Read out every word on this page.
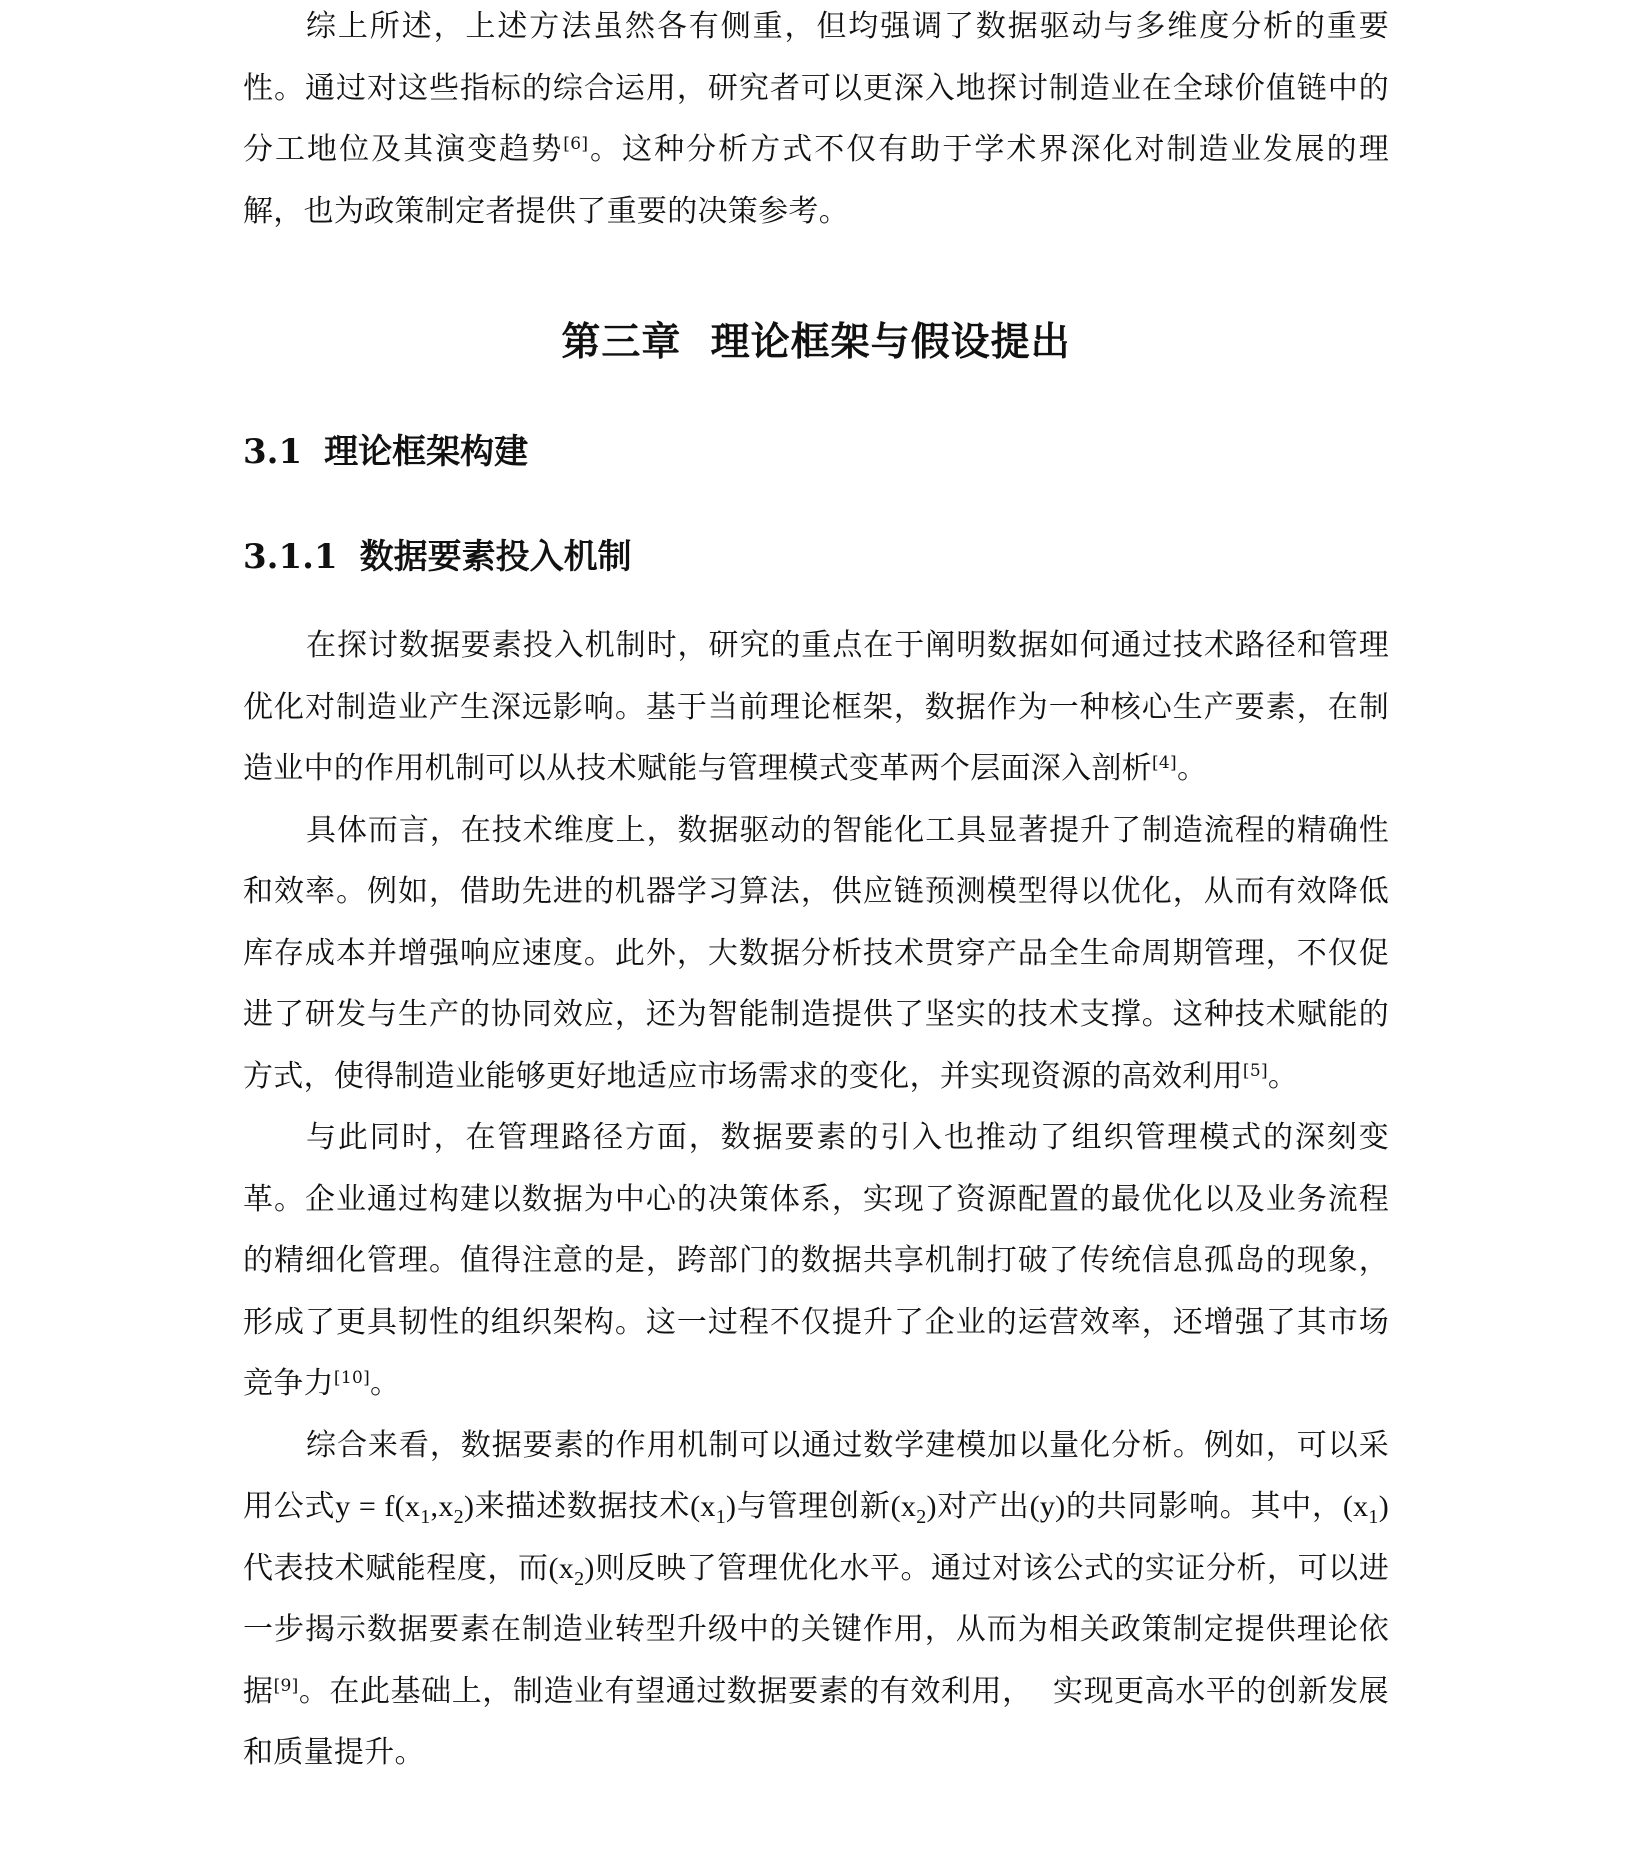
综上所述，上述方法虽然各有侧重，但均强调了数据驱动与多维度分析的重要性。通过对这些指标的综合运用，研究者可以更深入地探讨制造业在全球价值链中的分工地位及其演变趋势[6]。这种分析方式不仅有助于学术界深化对制造业发展的理解，也为政策制定者提供了重要的决策参考。

第三章  理论框架与假设提出
3.1 理论框架构建
3.1.1 数据要素投入机制

在探讨数据要素投入机制时，研究的重点在于阐明数据如何通过技术路径和管理优化对制造业产生深远影响。基于当前理论框架，数据作为一种核心生产要素，在制造业中的作用机制可以从技术赋能与管理模式变革两个层面深入剖析[4]。

具体而言，在技术维度上，数据驱动的智能化工具显著提升了制造流程的精确性和效率。例如，借助先进的机器学习算法，供应链预测模型得以优化，从而有效降低库存成本并增强响应速度。此外，大数据分析技术贯穿产品全生命周期管理，不仅促进了研发与生产的协同效应，还为智能制造提供了坚实的技术支撑。这种技术赋能的方式，使得制造业能够更好地适应市场需求的变化，并实现资源的高效利用[5]。

与此同时，在管理路径方面，数据要素的引入也推动了组织管理模式的深刻变革。企业通过构建以数据为中心的决策体系，实现了资源配置的最优化以及业务流程的精细化管理。值得注意的是，跨部门的数据共享机制打破了传统信息孤岛的现象，形成了更具韧性的组织架构。这一过程不仅提升了企业的运营效率，还增强了其市场竞争力[10]。

综合来看，数据要素的作用机制可以通过数学建模加以量化分析。例如，可以采用公式$y = f(x_1,x_2)$来描述数据技术$(x_1)$与管理创新$(x_2)$对产出(y)的共同影响。其中，$(x_1)$代表技术赋能程度，而$(x_2)$则反映了管理优化水平。通过对该公式的实证分析，可以进一步揭示数据要素在制造业转型升级中的关键作用，从而为相关政策制定提供理论依据[9]。在此基础上，制造业有望通过数据要素的有效利用，  实现更高水平的创新发展和质量提升。
